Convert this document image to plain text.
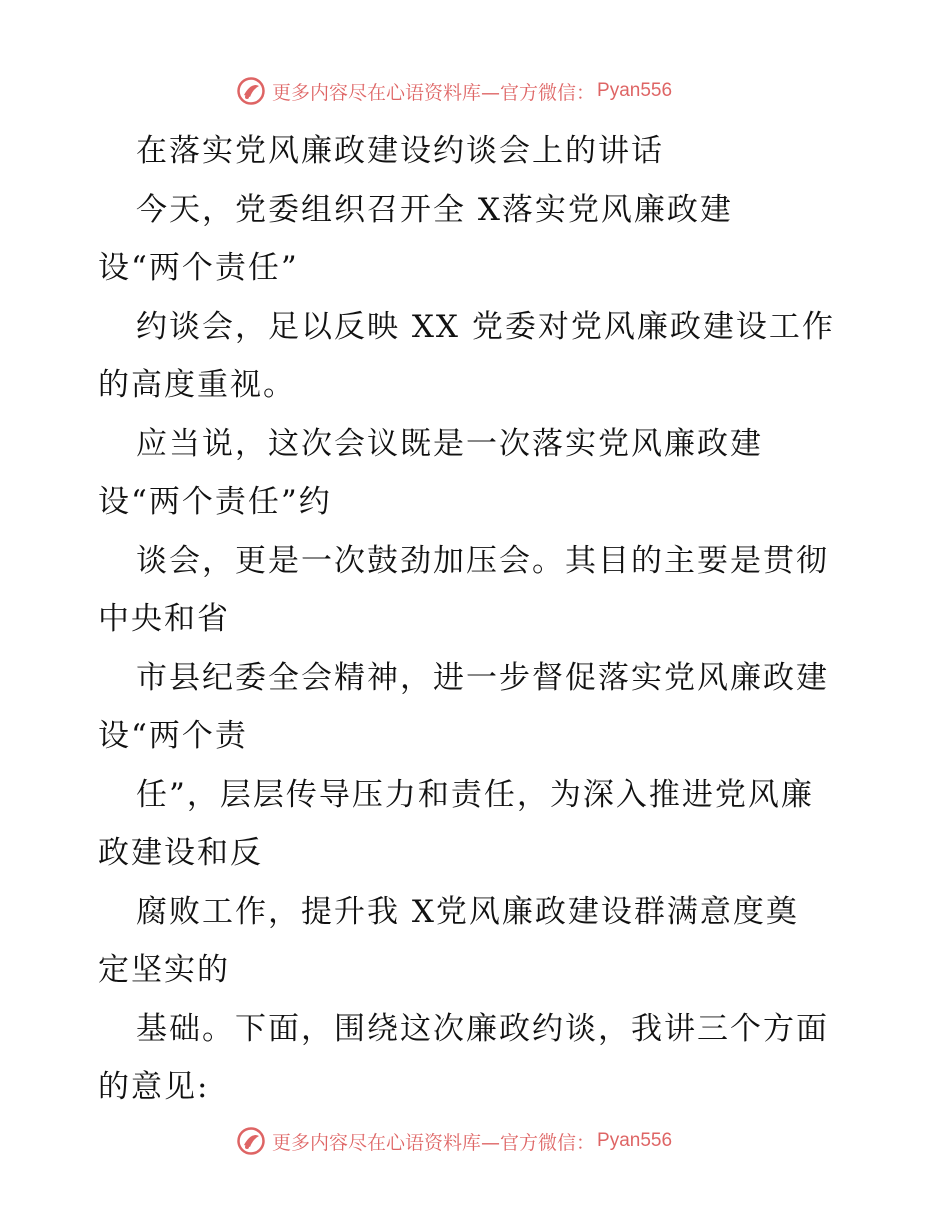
更多内容尽在心语资料库—官方微信： Pyan556
在落实党风廉政建设约谈会上的讲话
今天，党委组织召开全 X落实党风廉政建
设“两个责任”
约谈会，足以反映 XX 党委对党风廉政建设工作
的高度重视。
应当说，这次会议既是一次落实党风廉政建
设“两个责任”约
谈会，更是一次鼓劲加压会。其目的主要是贯彻
中央和省
市县纪委全会精神，进一步督促落实党风廉政建
设“两个责
任”，层层传导压力和责任，为深入推进党风廉
政建设和反
腐败工作，提升我 X党风廉政建设群满意度奠
定坚实的
基础。下面，围绕这次廉政约谈，我讲三个方面
的意见:
更多内容尽在心语资料库—官方微信： Pyan556
